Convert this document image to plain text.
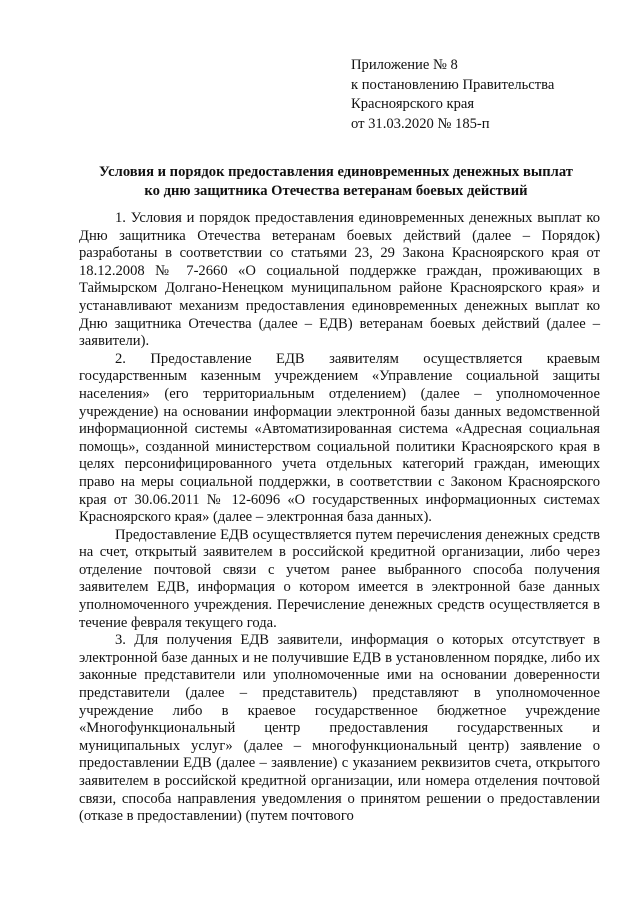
Приложение № 8
к постановлению Правительства
Красноярского края
от 31.03.2020 № 185-п
Условия и порядок предоставления единовременных денежных выплат
ко дню защитника Отечества ветеранам боевых действий

1. Условия и порядок предоставления единовременных денежных выплат ко Дню защитника Отечества ветеранам боевых действий (далее – Порядок) разработаны в соответствии со статьями 23, 29 Закона Красноярского края от 18.12.2008 № 7-2660 «О социальной поддержке граждан, проживающих в Таймырском Долгано-Ненецком муниципальном районе Красноярского края» и устанавливают механизм предоставления единовременных денежных выплат ко Дню защитника Отечества (далее – ЕДВ) ветеранам боевых действий (далее – заявители).

2. Предоставление ЕДВ заявителям осуществляется краевым государственным казенным учреждением «Управление социальной защиты населения» (его территориальным отделением) (далее – уполномоченное учреждение) на основании информации электронной базы данных ведомственной информационной системы «Автоматизированная система «Адресная социальная помощь», созданной министерством социальной политики Красноярского края в целях персонифицированного учета отдельных категорий граждан, имеющих право на меры социальной поддержки, в соответствии с Законом Красноярского края от 30.06.2011 № 12-6096 «О государственных информационных системах Красноярского края» (далее – электронная база данных).

Предоставление ЕДВ осуществляется путем перечисления денежных средств на счет, открытый заявителем в российской кредитной организации, либо через отделение почтовой связи с учетом ранее выбранного способа получения заявителем ЕДВ, информация о котором имеется в электронной базе данных уполномоченного учреждения. Перечисление денежных средств осуществляется в течение февраля текущего года.

3. Для получения ЕДВ заявители, информация о которых отсутствует в электронной базе данных и не получившие ЕДВ в установленном порядке, либо их законные представители или уполномоченные ими на основании доверенности представители (далее – представитель) представляют в уполномоченное учреждение либо в краевое государственное бюджетное учреждение «Многофункциональный центр предоставления государственных и муниципальных услуг» (далее – многофункциональный центр) заявление о предоставлении ЕДВ (далее – заявление) с указанием реквизитов счета, открытого заявителем в российской кредитной организации, или номера отделения почтовой связи, способа направления уведомления о принятом решении о предоставлении (отказе в предоставлении) (путем почтового
